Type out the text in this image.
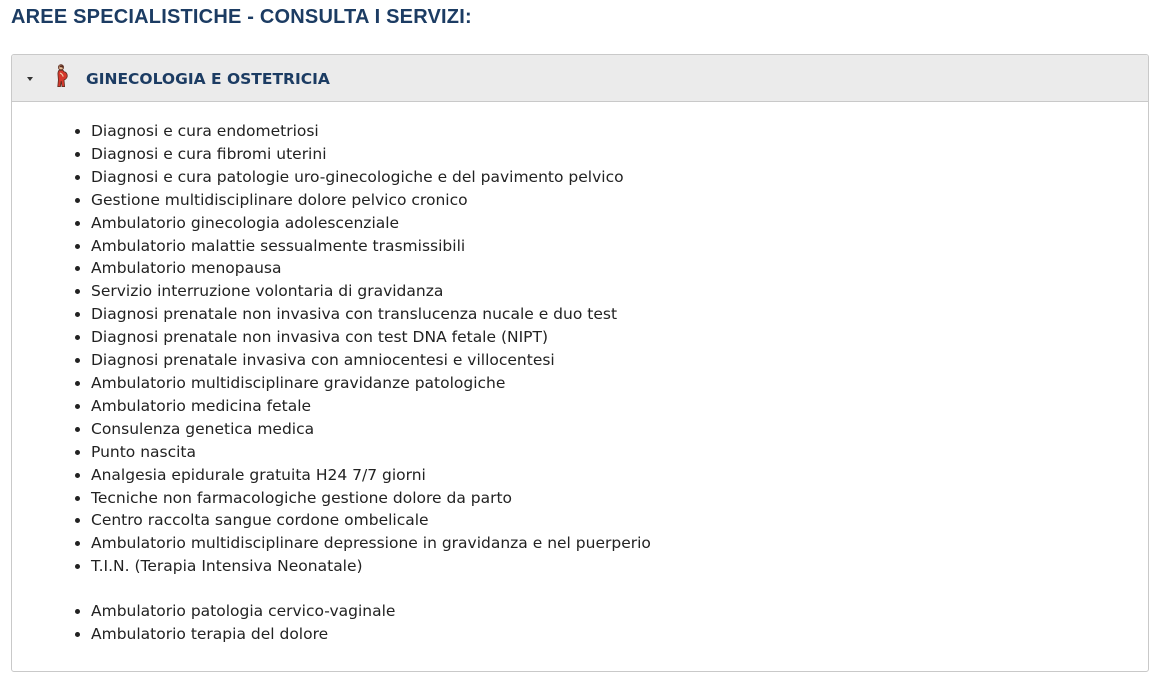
AREE SPECIALISTICHE - CONSULTA I SERVIZI:
GINECOLOGIA E OSTETRICIA
• Diagnosi e cura endometriosi
• Diagnosi e cura fibromi uterini
• Diagnosi e cura patologie uro-ginecologiche e del pavimento pelvico
• Gestione multidisciplinare dolore pelvico cronico
• Ambulatorio ginecologia adolescenziale
• Ambulatorio malattie sessualmente trasmissibili
• Ambulatorio menopausa
• Servizio interruzione volontaria di gravidanza
• Diagnosi prenatale non invasiva con translucenza nucale e duo test
• Diagnosi prenatale non invasiva con test DNA fetale (NIPT)
• Diagnosi prenatale invasiva con amniocentesi e villocentesi
• Ambulatorio multidisciplinare gravidanze patologiche
• Ambulatorio medicina fetale
• Consulenza genetica medica
• Punto nascita
• Analgesia epidurale gratuita H24 7/7 giorni
• Tecniche non farmacologiche gestione dolore da parto
• Centro raccolta sangue cordone ombelicale
• Ambulatorio multidisciplinare depressione in gravidanza e nel puerperio
• T.I.N. (Terapia Intensiva Neonatale)
• Ambulatorio patologia cervico-vaginale
• Ambulatorio terapia del dolore
